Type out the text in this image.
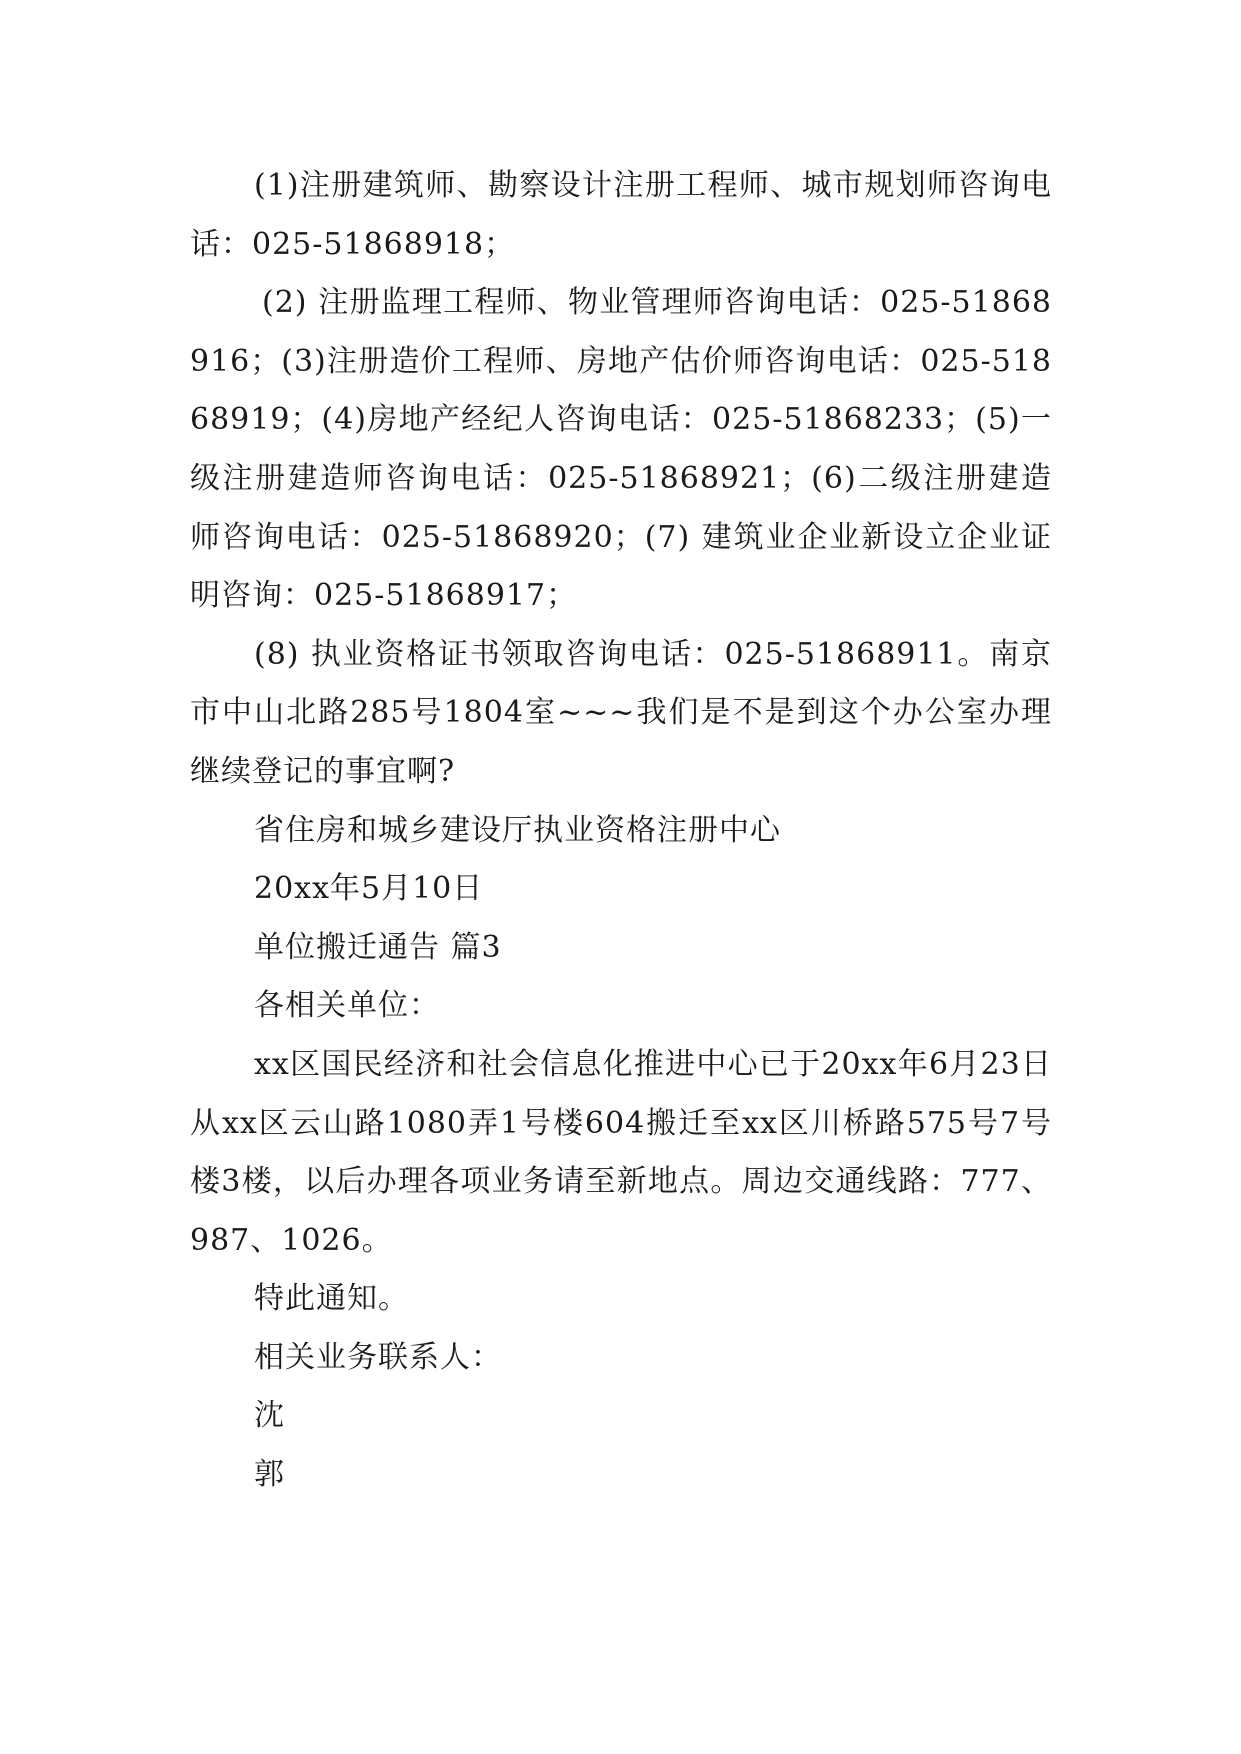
(1)注册建筑师、勘察设计注册工程师、城市规划师咨询电话：025-51868918；

(2) 注册监理工程师、物业管理师咨询电话：025-51868916；(3)注册造价工程师、房地产估价师咨询电话：025-51868919；(4)房地产经纪人咨询电话：025-51868233；(5)一级注册建造师咨询电话：025-51868921；(6)二级注册建造师咨询电话：025-51868920；(7) 建筑业企业新设立企业证明咨询：025-51868917；

(8) 执业资格证书领取咨询电话：025-51868911。南京市中山北路285号1804室~~~我们是不是到这个办公室办理继续登记的事宜啊?

省住房和城乡建设厅执业资格注册中心

20xx年5月10日

单位搬迁通告 篇3

各相关单位：

xx区国民经济和社会信息化推进中心已于20xx年6月23日从xx区云山路1080弄1号楼604搬迁至xx区川桥路575号7号楼3楼，以后办理各项业务请至新地点。周边交通线路：777、987、1026。

特此通知。

相关业务联系人：

沈

郭
